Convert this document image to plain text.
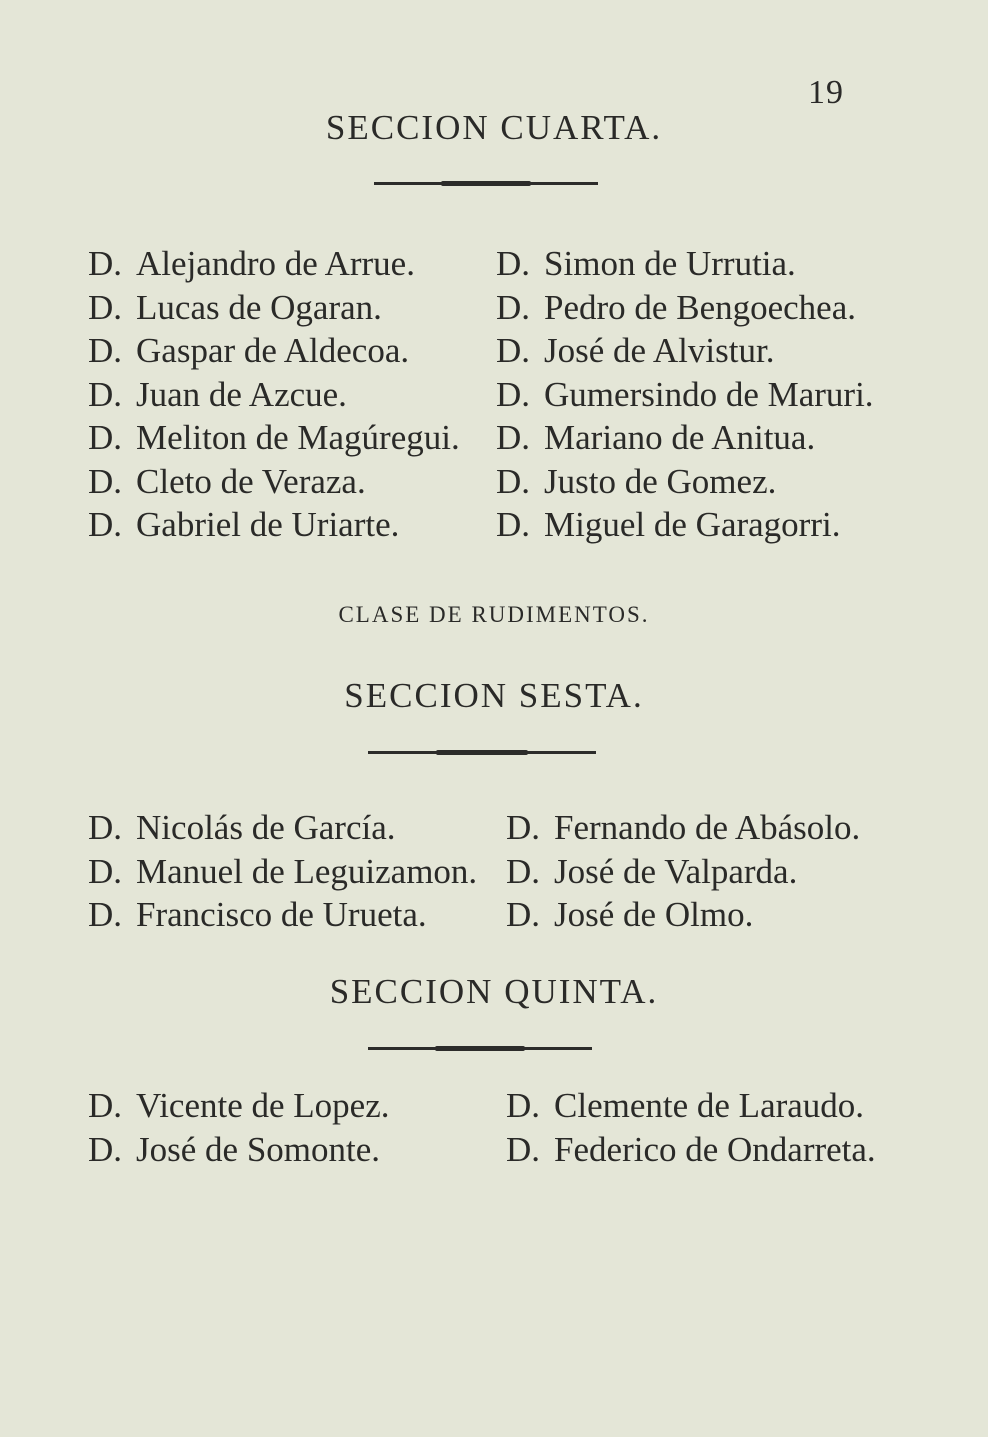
19
SECCION CUARTA.
D. Alejandro de Arrue.
D. Lucas de Ogaran.
D. Gaspar de Aldecoa.
D. Juan de Azcue.
D. Meliton de Magúregui.
D. Cleto de Veraza.
D. Gabriel de Uriarte.
D. Simon de Urrutia.
D. Pedro de Bengoechea.
D. José de Alvistur.
D. Gumersindo de Maruri.
D. Mariano de Anitua.
D. Justo de Gomez.
D. Miguel de Garagorri.
CLASE DE RUDIMENTOS.
SECCION SESTA.
D. Nicolás de García.
D. Manuel de Leguizamon.
D. Francisco de Urueta.
D. Fernando de Abásolo.
D. José de Valparda.
D. José de Olmo.
SECCION QUINTA.
D. Vicente de Lopez.
D. José de Somonte.
D. Clemente de Laraudo.
D. Federico de Ondarreta.
